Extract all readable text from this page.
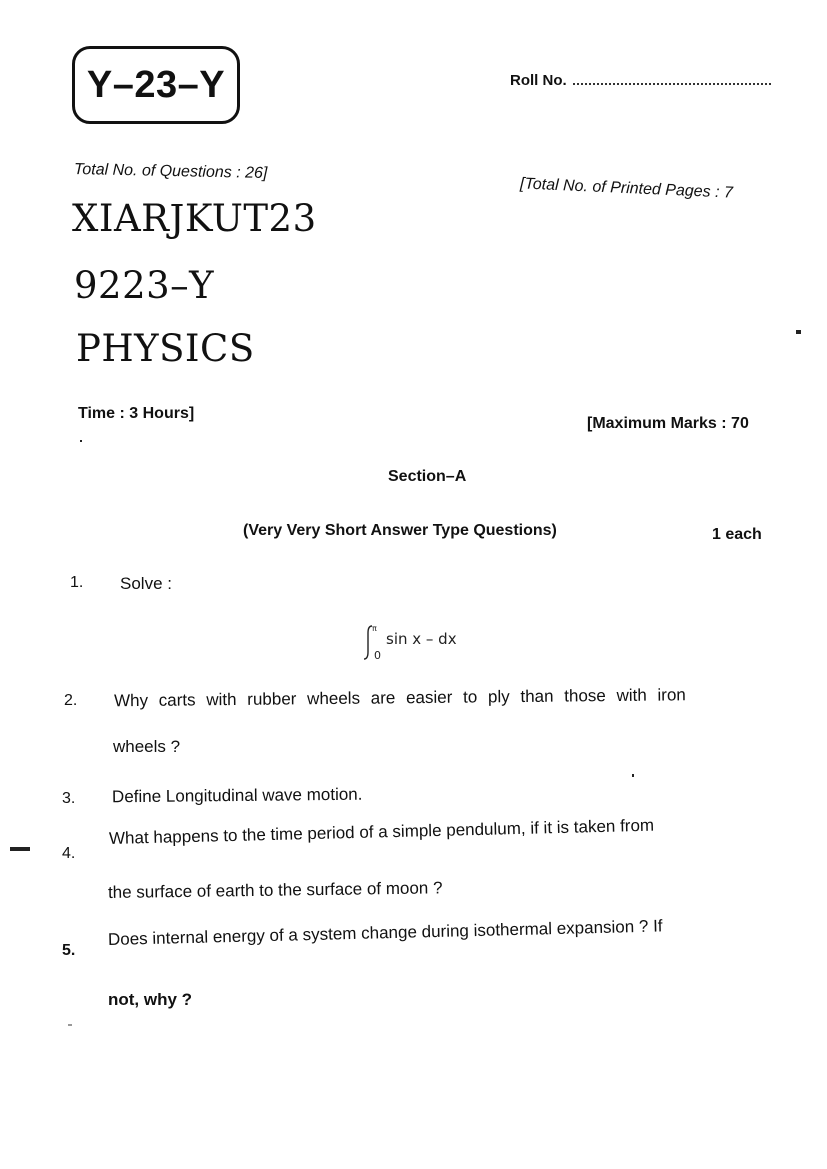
Y–23–Y	Roll No.
Total No. of Questions : 26]
[Total No. of Printed Pages : 7
XIARJKUT23
9223–Y
PHYSICS
Time : 3 Hours]
[Maximum Marks : 70
Section–A
(Very Very Short Answer Type Questions)	1 each
1. Solve :
π
0
sin x – dx
2. Why carts with rubber wheels are easier to ply than those with iron
wheels ?
3. Define Longitudinal wave motion.
4.
What happens to the time period of a simple pendulum, if it is taken from
the surface of earth to the surface of moon ?
5.
Does internal energy of a system change during isothermal expansion ? If
not, why ?
